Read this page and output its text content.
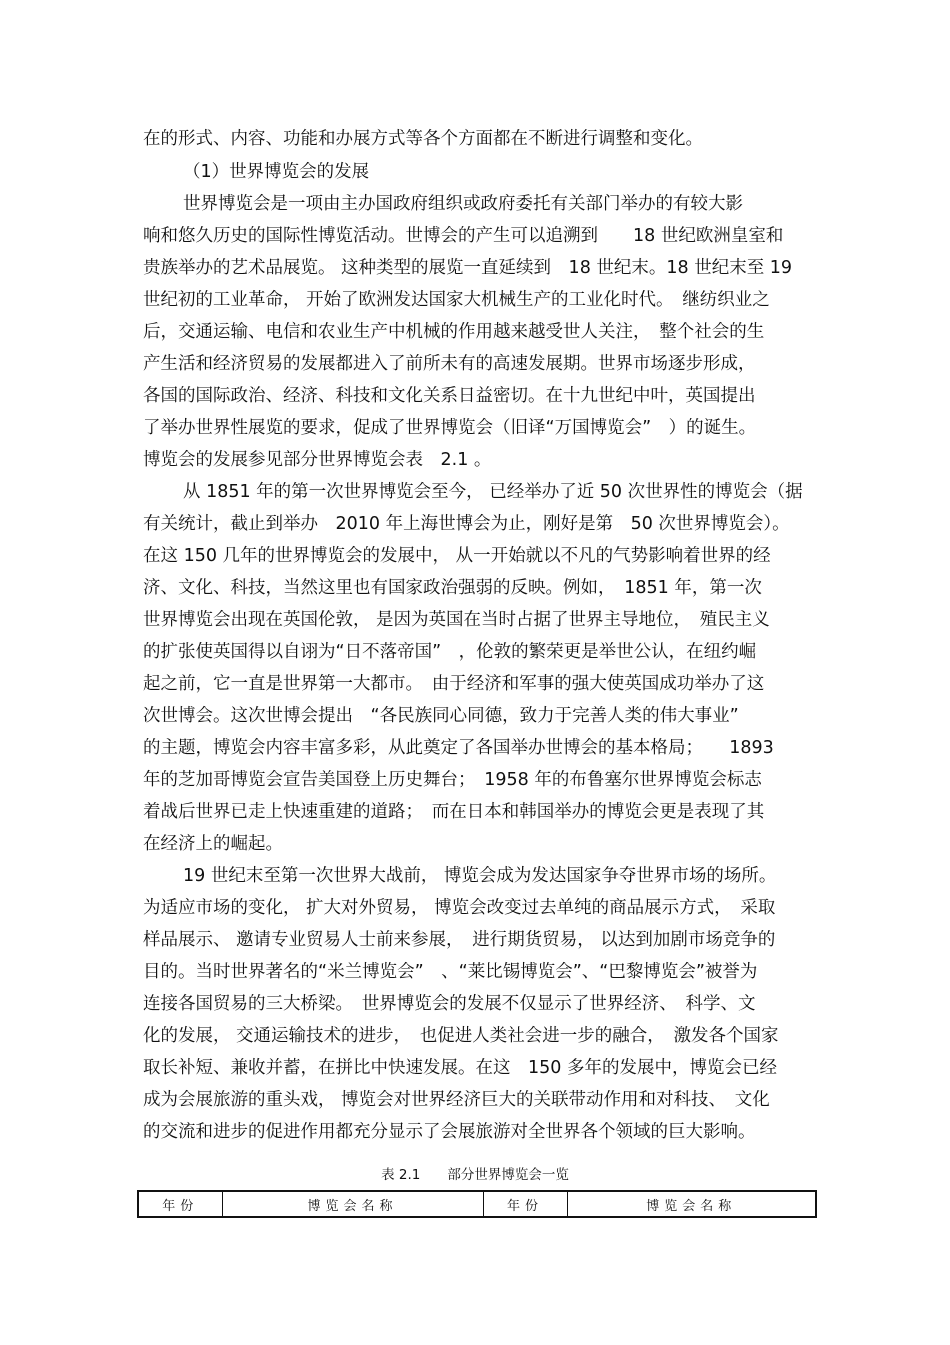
在的形式、内容、功能和办展方式等各个方面都在不断进行调整和变化。
（1）世界博览会的发展
世界博览会是一项由主办国政府组织或政府委托有关部门举办的有较大影
响和悠久历史的国际性博览活动。世博会的产生可以追溯到　　18 世纪欧洲皇室和
贵族举办的艺术品展览。 这种类型的展览一直延续到　18 世纪末。18 世纪末至 19
世纪初的工业革命， 开始了欧洲发达国家大机械生产的工业化时代。　继纺织业之
后，交通运输、电信和农业生产中机械的作用越来越受世人关注，　整个社会的生
产生活和经济贸易的发展都进入了前所未有的高速发展期。世界市场逐步形成，
各国的国际政治、经济、科技和文化关系日益密切。在十九世纪中叶，英国提出
了举办世界性展览的要求，促成了世界博览会（旧译“万国博览会”　）的诞生。
博览会的发展参见部分世界博览会表　2.1 。
从 1851 年的第一次世界博览会至今， 已经举办了近 50 次世界性的博览会（据
有关统计，截止到举办　2010 年上海世博会为止，刚好是第　50 次世界博览会）。
在这 150 几年的世界博览会的发展中， 从一开始就以不凡的气势影响着世界的经
济、文化、科技，当然这里也有国家政治强弱的反映。例如，　1851 年，第一次
世界博览会出现在英国伦敦， 是因为英国在当时占据了世界主导地位，　殖民主义
的扩张使英国得以自诩为“日不落帝国”　，伦敦的繁荣更是举世公认，在纽约崛
起之前，它一直是世界第一大都市。　由于经济和军事的强大使英国成功举办了这
次世博会。这次世博会提出　“各民族同心同德，致力于完善人类的伟大事业”
的主题，博览会内容丰富多彩，从此奠定了各国举办世博会的基本格局；　　1893
年的芝加哥博览会宣告美国登上历史舞台；　1958 年的布鲁塞尔世界博览会标志
着战后世界已走上快速重建的道路；　而在日本和韩国举办的博览会更是表现了其
在经济上的崛起。
19 世纪末至第一次世界大战前， 博览会成为发达国家争夺世界市场的场所。
为适应市场的变化， 扩大对外贸易， 博览会改变过去单纯的商品展示方式，　采取
样品展示、 邀请专业贸易人士前来参展，　进行期货贸易， 以达到加剧市场竞争的
目的。当时世界著名的“米兰博览会”　、“莱比锡博览会”、“巴黎博览会”被誉为
连接各国贸易的三大桥梁。　世界博览会的发展不仅显示了世界经济、　科学、文
化的发展， 交通运输技术的进步，　也促进人类社会进一步的融合，　激发各个国家
取长补短、兼收并蓄，在拼比中快速发展。在这　150 多年的发展中，博览会已经
成为会展旅游的重头戏， 博览会对世界经济巨大的关联带动作用和对科技、　文化
的交流和进步的促进作用都充分显示了会展旅游对全世界各个领域的巨大影响。
表 2.1　　部分世界博览会一览
年份	博览会名称	年份	博览会名称
